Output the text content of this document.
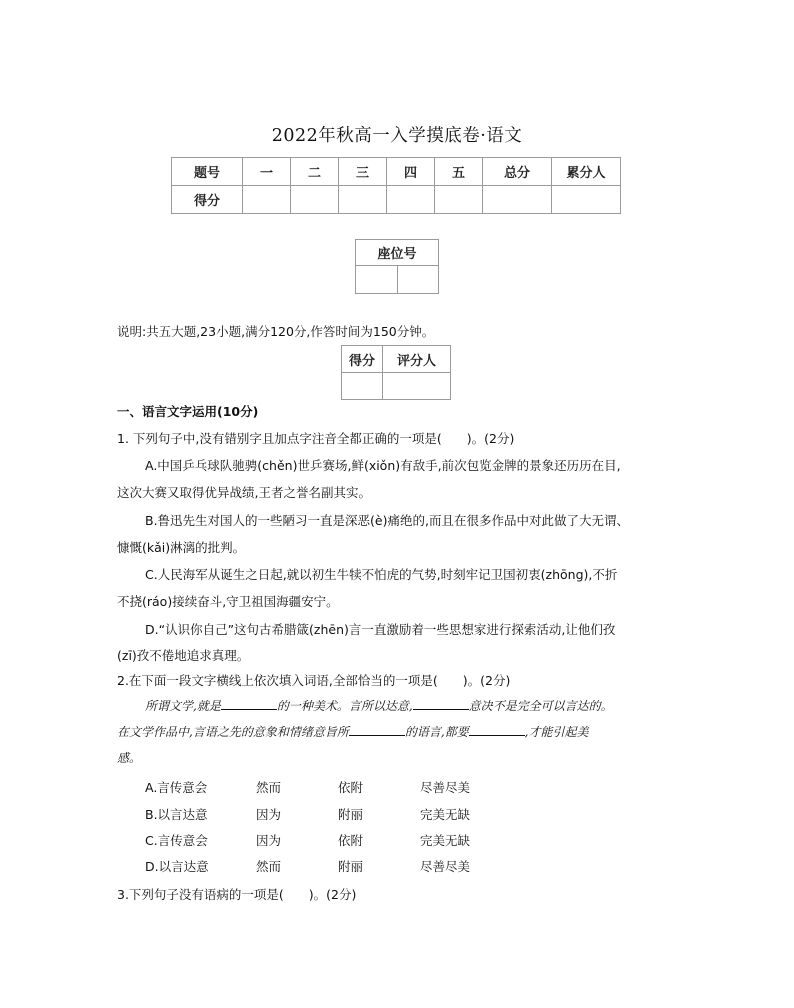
2022年秋高一入学摸底卷·语文
题号	一	二	三	四	五	总分	累分人
得分							
座位号

说明:共五大题,23小题,满分120分,作答时间为150分钟。
得分	评分人

一、语言文字运用(10分)
1. 下列句子中,没有错别字且加点字注音全都正确的一项是(　　)。(2分)
A.中国乒乓球队驰骋(chěn)世乒赛场,鲜(xiǒn)有敌手,前次包览金牌的景象还历历在目,
这次大赛又取得优异战绩,王者之誉名副其实。
B.鲁迅先生对国人的一些陋习一直是深恶(è)痛绝的,而且在很多作品中对此做了大无谓、
慷慨(kǎi)淋漓的批判。
C.人民海军从诞生之日起,就以初生牛犊不怕虎的气势,时刻牢记卫国初衷(zhōng),不折
不挠(ráo)接续奋斗,守卫祖国海疆安宁。
D.“认识你自己”这句古希腊箴(zhēn)言一直激励着一些思想家进行探索活动,让他们孜
(zī)孜不倦地追求真理。
2.在下面一段文字横线上依次填入词语,全部恰当的一项是(　　)。(2分)
所谓文学,就是	的一种美术。言所以达意,	意决不是完全可以言达的。
在文学作品中,言语之先的意象和情绪意旨所	的语言,都要	,才能引起美
感。
A.言传意会	然而	依附	尽善尽美
B.以言达意	因为	附丽	完美无缺
C.言传意会	因为	依附	完美无缺
D.以言达意	然而	附丽	尽善尽美
3.下列句子没有语病的一项是(　　)。(2分)
